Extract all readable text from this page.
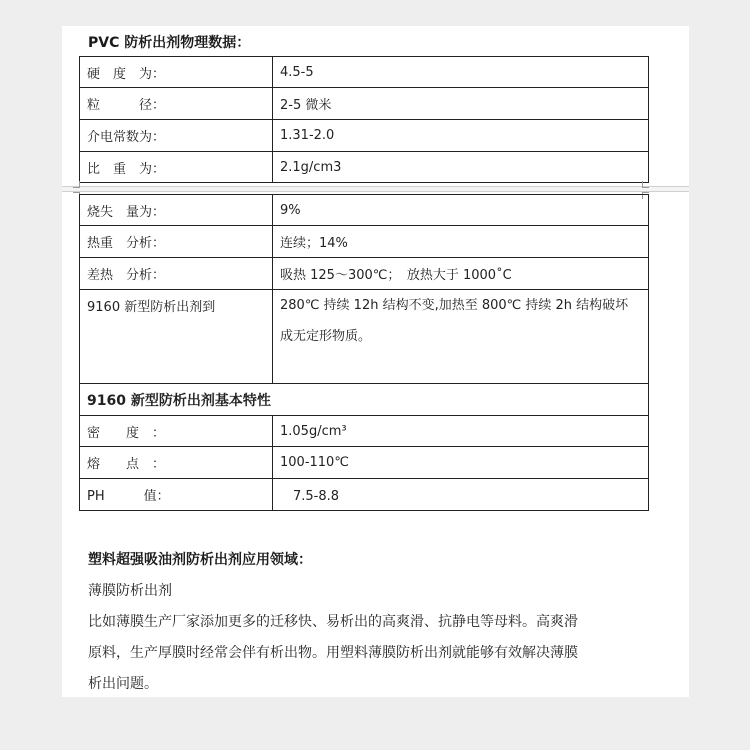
PVC 防析出剂物理数据：
硬　度　为：	4.5-5
粒　　　径：	2-5 微米
介电常数为：	1.31-2.0
比　重　为：	2.1g/cm3
烧失　量为：	9%
热重　分析：	连续；14%
差热　分析：	吸热 125～300℃；　放热大于 1000˚C
9160 新型防析出剂到	280℃ 持续 12h 结构不变,加热至 800℃ 持续 2h 结构破坏成无定形物质。
9160 新型防析出剂基本特性	
密　　度　：	1.05g/cm³
熔　　点　：	100-110℃
PH　　　值：	　7.5-8.8
塑料超强吸油剂防析出剂应用领域：
薄膜防析出剂
比如薄膜生产厂家添加更多的迁移快、易析出的高爽滑、抗静电等母料。高爽滑
原料，生产厚膜时经常会伴有析出物。用塑料薄膜防析出剂就能够有效解决薄膜
析出问题。
